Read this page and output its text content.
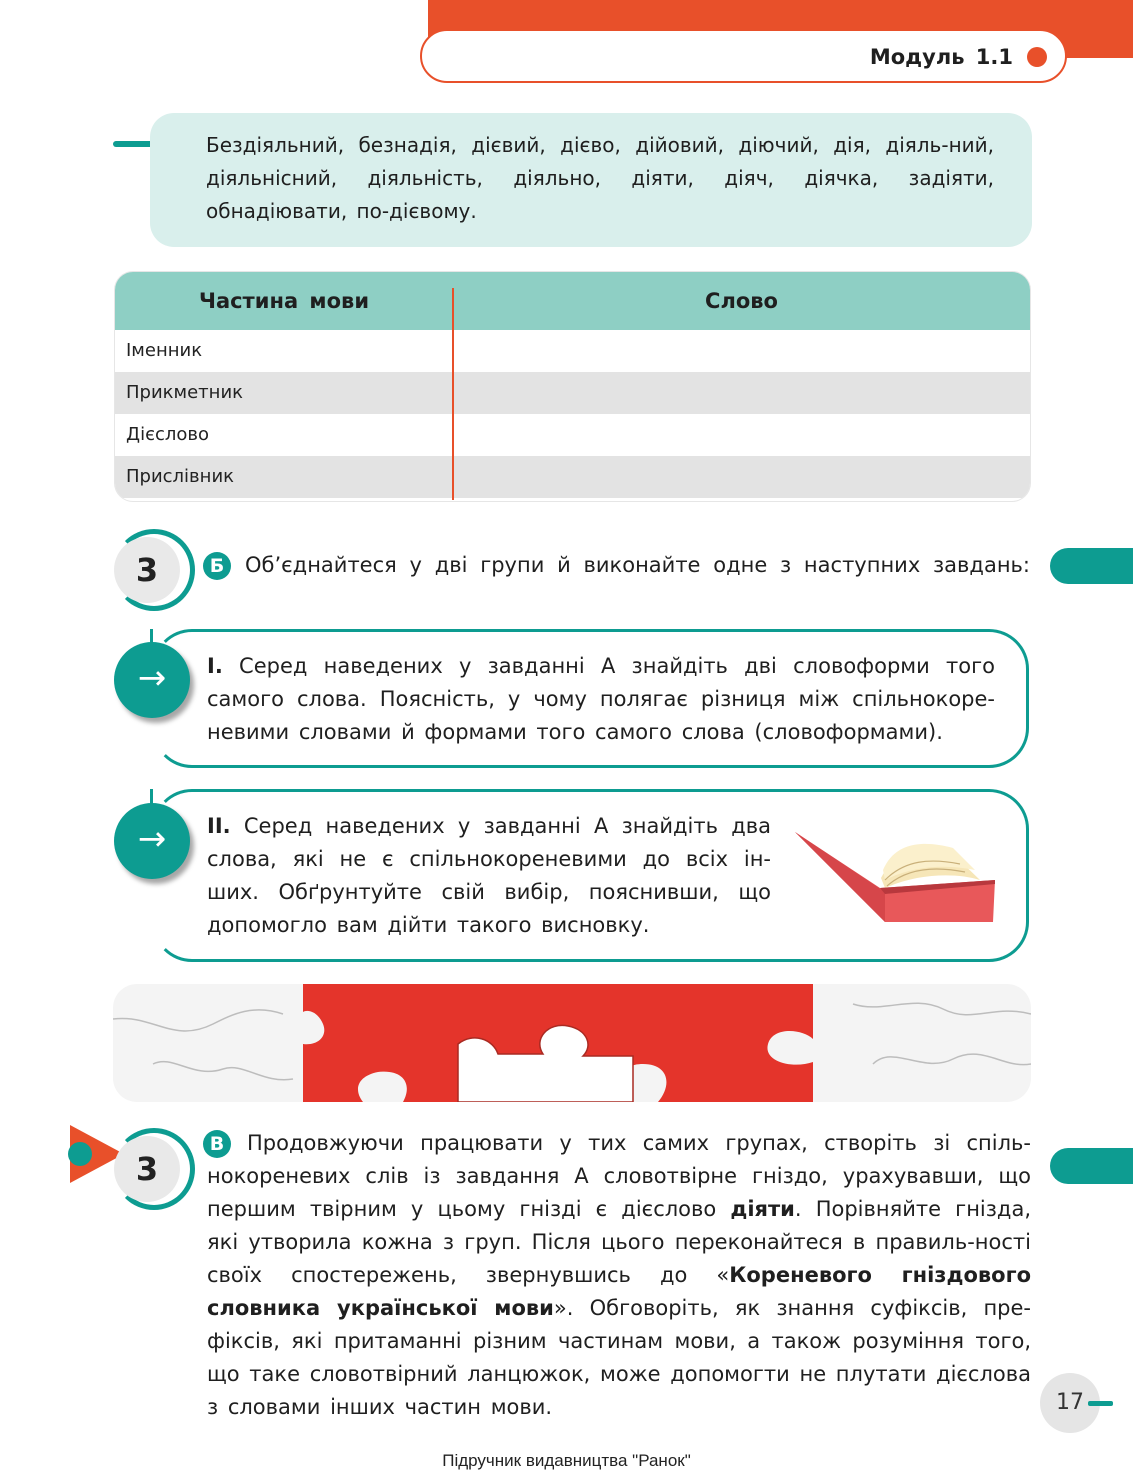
Модуль 1.1
Бездіяльний, безнадія, дієвий, дієво, дійовий, діючий, дія, діяль-ний, діяльнісний, діяльність, діяльно, діяти, діяч, діячка, задіяти, обнадіювати, по-дієвому.
Частина мови	Слово
Іменник
Прикметник
Дієслово
Прислівник
3	Б Об’єднайтеся у дві групи й виконайте одне з наступних завдань:
→	I. Серед наведених у завданні А знайдіть дві словоформи того самого слова. Поясність, у чому полягає різниця між спільнокоре-невими словами й формами того самого слова (словоформами).
→	II. Серед наведених у завданні А знайдіть два слова, які не є спільнокореневими до всіх ін-ших. Обґрунтуйте свій вибір, пояснивши, що допомогло вам дійти такого висновку.
3
В	Продовжуючи працювати у тих самих групах, створіть зі спіль-нокореневих слів із завдання А словотвірне гніздо, урахувавши, що першим твірним у цьому гнізді є дієслово діяти. Порівняйте гнізда, які утворила кожна з груп. Після цього переконайтеся в правиль-ності своїх спостережень, звернувшись до «Кореневого гніздового словника української мови». Обговоріть, як знання суфіксів, пре-фіксів, які притаманні різним частинам мови, а також розуміння того, що таке словотвірний ланцюжок, може допомогти не плутати дієслова з словами інших частин мови.	17
Підручник видавництва "Ранок"
